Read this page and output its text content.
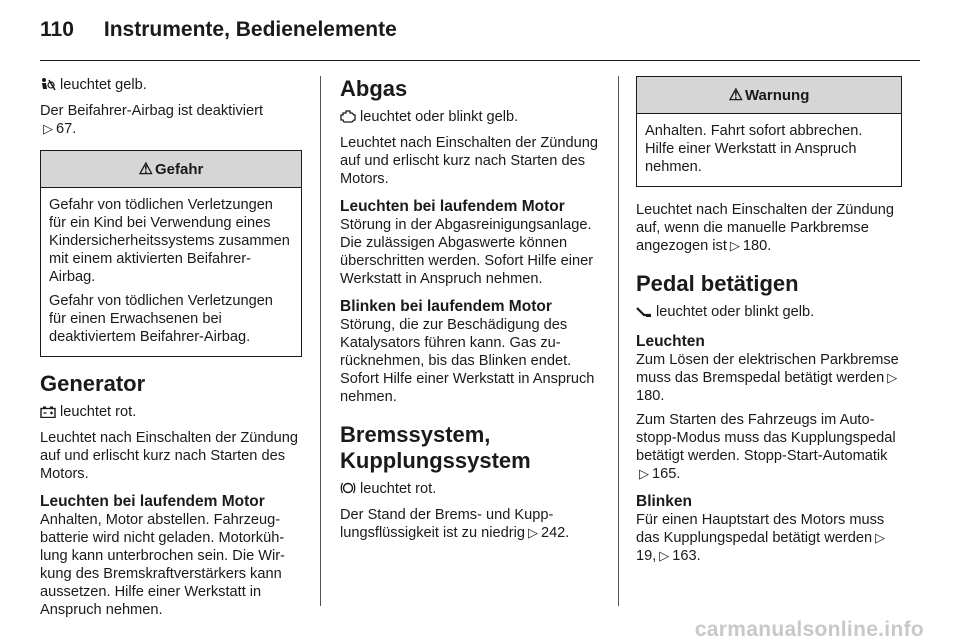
110 Instrumente, Bedienelemente

leuchtet gelb.

Der Beifahrer-Airbag ist deaktiviert
▷ 67.

⚠ Gefahr

Gefahr von tödlichen Verletzungen für ein Kind bei Verwendung eines Kindersicherheitssystems zusammen mit einem aktivierten Beifahrer-Airbag.

Gefahr von tödlichen Verletzungen für einen Erwachsenen bei deaktiviertem Beifahrer-Airbag.

Generator

leuchtet rot.

Leuchtet nach Einschalten der Zündung auf und erlischt kurz nach Starten des Motors.

Leuchten bei laufendem Motor

Anhalten, Motor abstellen. Fahrzeugbatterie wird nicht geladen. Motorkühlung kann unterbrochen sein. Die Wirkung des Bremskraftverstärkers kann aussetzen. Hilfe einer Werkstatt in Anspruch nehmen.

Abgas

leuchtet oder blinkt gelb.

Leuchtet nach Einschalten der Zündung auf und erlischt kurz nach Starten des Motors.

Leuchten bei laufendem Motor

Störung in der Abgasreinigungsanlage. Die zulässigen Abgaswerte können überschritten werden. Sofort Hilfe einer Werkstatt in Anspruch nehmen.

Blinken bei laufendem Motor

Störung, die zur Beschädigung des Katalysators führen kann. Gas zurücknehmen, bis das Blinken endet. Sofort Hilfe einer Werkstatt in Anspruch nehmen.

Bremssystem,
Kupplungssystem

leuchtet rot.

Der Stand der Brems- und Kupplungsflüssigkeit ist zu niedrig ▷ 242.

⚠ Warnung

Anhalten. Fahrt sofort abbrechen. Hilfe einer Werkstatt in Anspruch nehmen.

Leuchtet nach Einschalten der Zündung auf, wenn die manuelle Parkbremse angezogen ist ▷ 180.

Pedal betätigen

leuchtet oder blinkt gelb.

Leuchten

Zum Lösen der elektrischen Parkbremse muss das Bremspedal betätigt werden ▷180.

Zum Starten des Fahrzeugs im Auto-stopp-Modus muss das Kupplungspedal betätigt werden. Stopp-Start-Automatik▷ 165.

Blinken

Für einen Hauptstart des Motors muss das Kupplungspedal betätigt werden ▷19, ▷ 163.

carmanualsonline.info
